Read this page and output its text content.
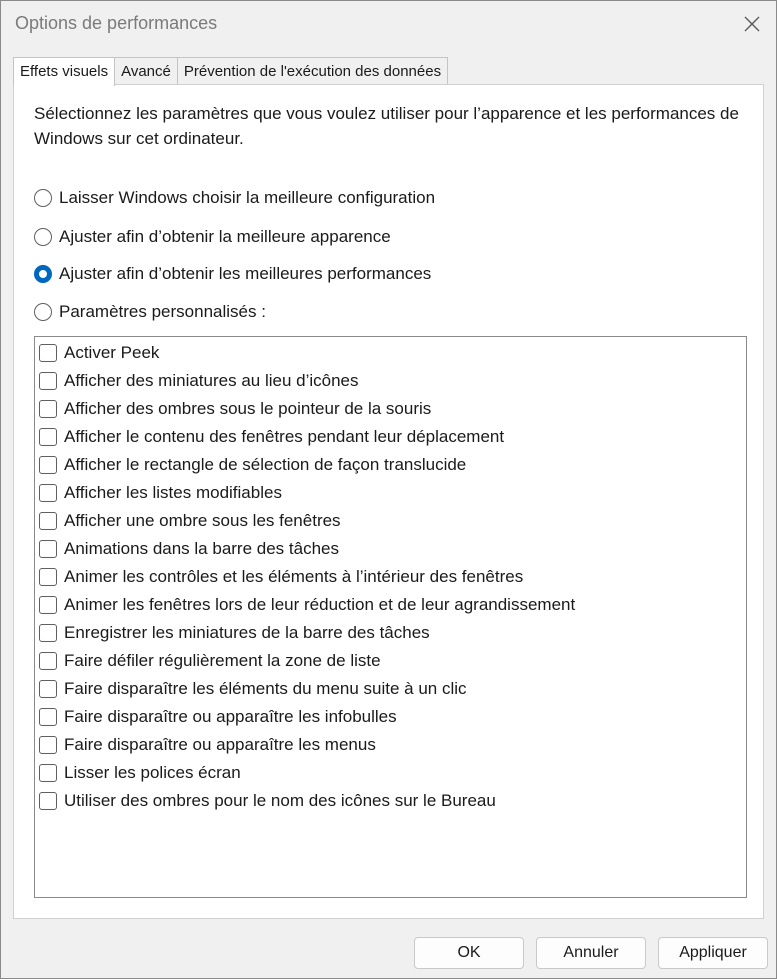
Options de performances
Effets visuels Avancé Prévention de l'exécution des données
Sélectionnez les paramètres que vous voulez utiliser pour l’apparence et les performances de Windows sur cet ordinateur.
Laisser Windows choisir la meilleure configuration
Ajuster afin d’obtenir la meilleure apparence
Ajuster afin d’obtenir les meilleures performances
Paramètres personnalisés :
Activer Peek
Afficher des miniatures au lieu d’icônes
Afficher des ombres sous le pointeur de la souris
Afficher le contenu des fenêtres pendant leur déplacement
Afficher le rectangle de sélection de façon translucide
Afficher les listes modifiables
Afficher une ombre sous les fenêtres
Animations dans la barre des tâches
Animer les contrôles et les éléments à l’intérieur des fenêtres
Animer les fenêtres lors de leur réduction et de leur agrandissement
Enregistrer les miniatures de la barre des tâches
Faire défiler régulièrement la zone de liste
Faire disparaître les éléments du menu suite à un clic
Faire disparaître ou apparaître les infobulles
Faire disparaître ou apparaître les menus
Lisser les polices écran
Utiliser des ombres pour le nom des icônes sur le Bureau
OK	Annuler	Appliquer
